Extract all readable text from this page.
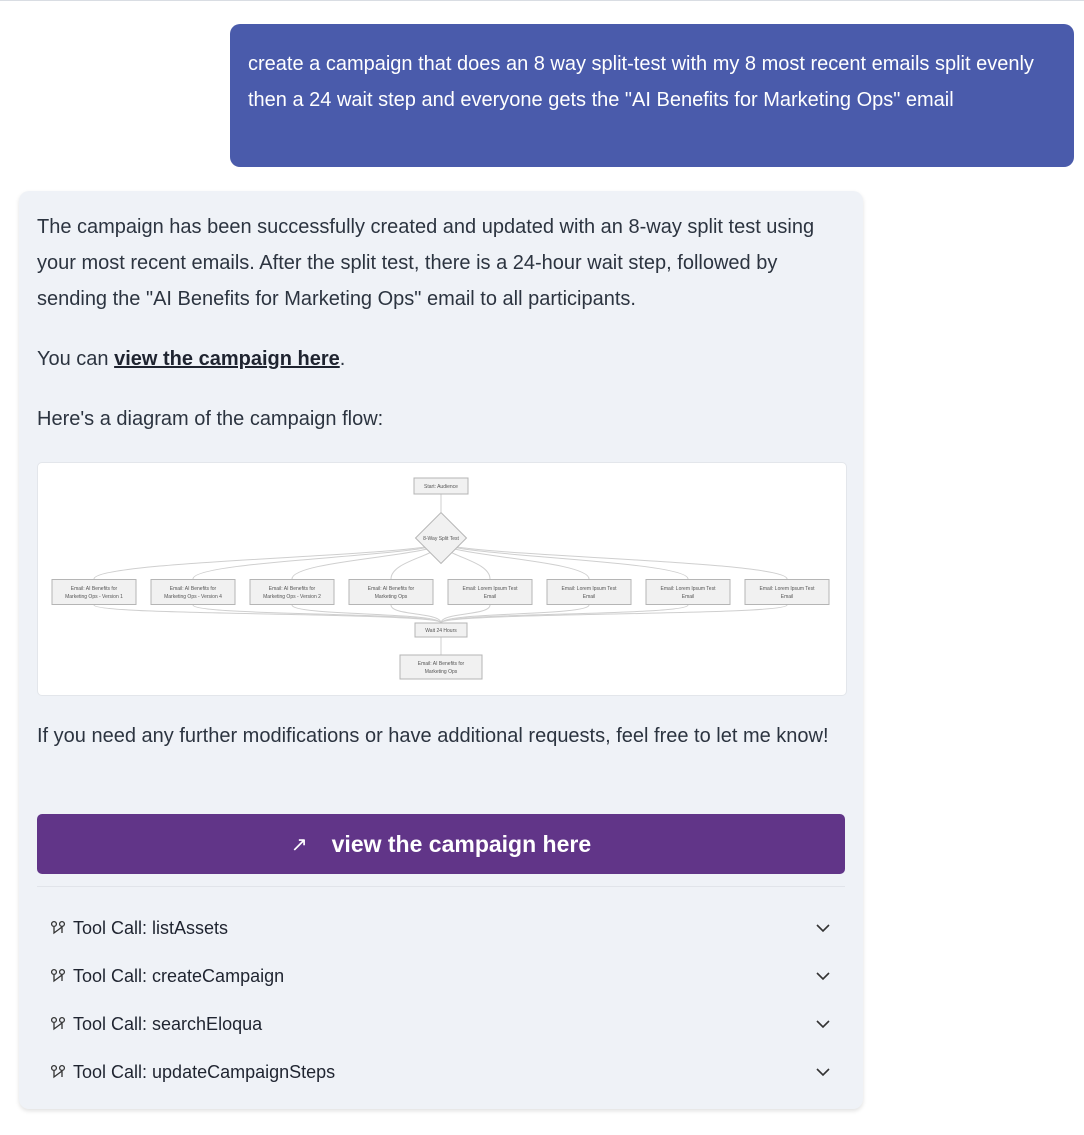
create a campaign that does an 8 way split-test with my 8 most recent emails split evenly then a 24 wait step and everyone gets the "AI Benefits for Marketing Ops" email

The campaign has been successfully created and updated with an 8-way split test using your most recent emails. After the split test, there is a 24-hour wait step, followed by sending the "AI Benefits for Marketing Ops" email to all participants.

You can view the campaign here.

Here's a diagram of the campaign flow:

Start: Audience
8-Way Split Test
Email: AI Benefits for Marketing Ops - Version 1
Email: AI Benefits for Marketing Ops - Version 4
Email: AI Benefits for Marketing Ops - Version 2
Email: AI Benefits for Marketing Ops
Email: Lorem Ipsum Test Email
Email: Lorem Ipsum Test Email
Email: Lorem Ipsum Test Email
Email: Lorem Ipsum Test Email
Wait 24 Hours
Email: AI Benefits for Marketing Ops

If you need any further modifications or have additional requests, feel free to let me know!

↗ view the campaign here
Tool Call: listAssets
Tool Call: createCampaign
Tool Call: searchEloqua
Tool Call: updateCampaignSteps
